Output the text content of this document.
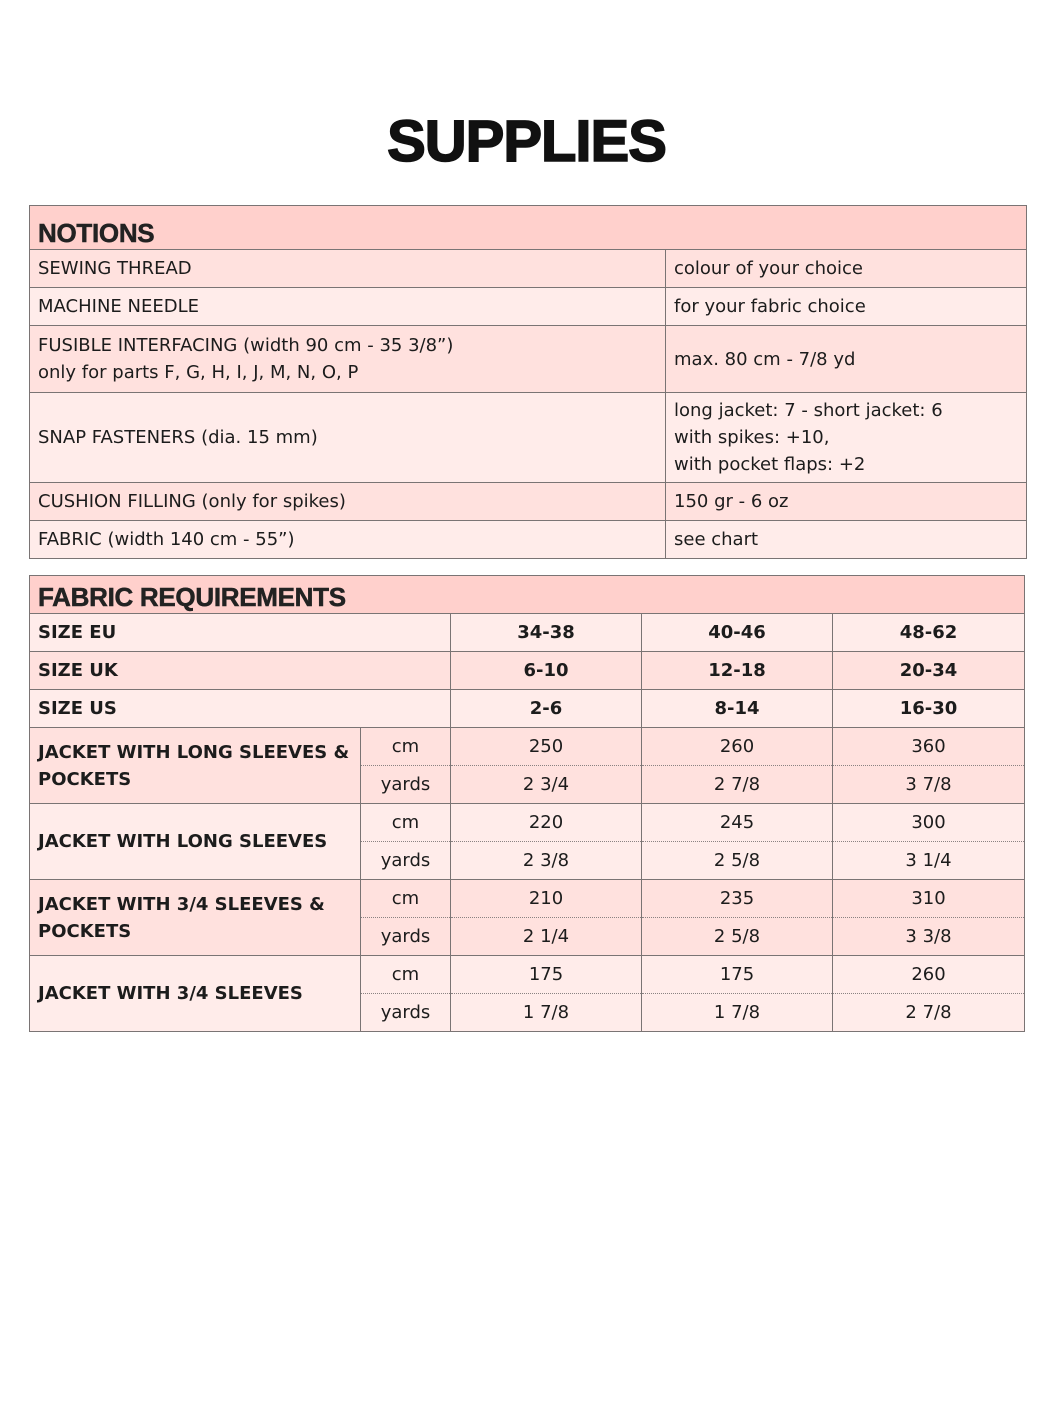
SUPPLIES
NOTIONS	
SEWING THREAD	colour of your choice
MACHINE NEEDLE	for your fabric choice

FUSIBLE INTERFACING (width 90 cm - 35 3/8”)
only for parts F, G, H, I, J, M, N, O, P	max. 80 cm - 7/8 yd
SNAP FASTENERS (dia. 15 mm)	long jacket: 7 - short jacket: 6
with spikes: +10,
with pocket flaps: +2

CUSHION FILLING (only for spikes)	150 gr - 6 oz
FABRIC (width 140 cm - 55”)	see chart
FABRIC REQUIREMENTS				
SIZE EU		34-38	40-46	48-62
SIZE UK		6-10	12-18	20-34
SIZE US		2-6	8-14	16-30

JACKET WITH LONG SLEEVES &
POCKETS	cm	250	260	360
	yards	2 3/4	2 7/8	3 7/8

JACKET WITH LONG SLEEVES	cm	220	245	300
	yards	2 3/8	2 5/8	3 1/4

JACKET WITH 3/4 SLEEVES &
POCKETS	cm	210	235	310
	yards	2 1/4	2 5/8	3 3/8

JACKET WITH 3/4 SLEEVES	cm	175	175	260
	yards	1 7/8	1 7/8	2 7/8
